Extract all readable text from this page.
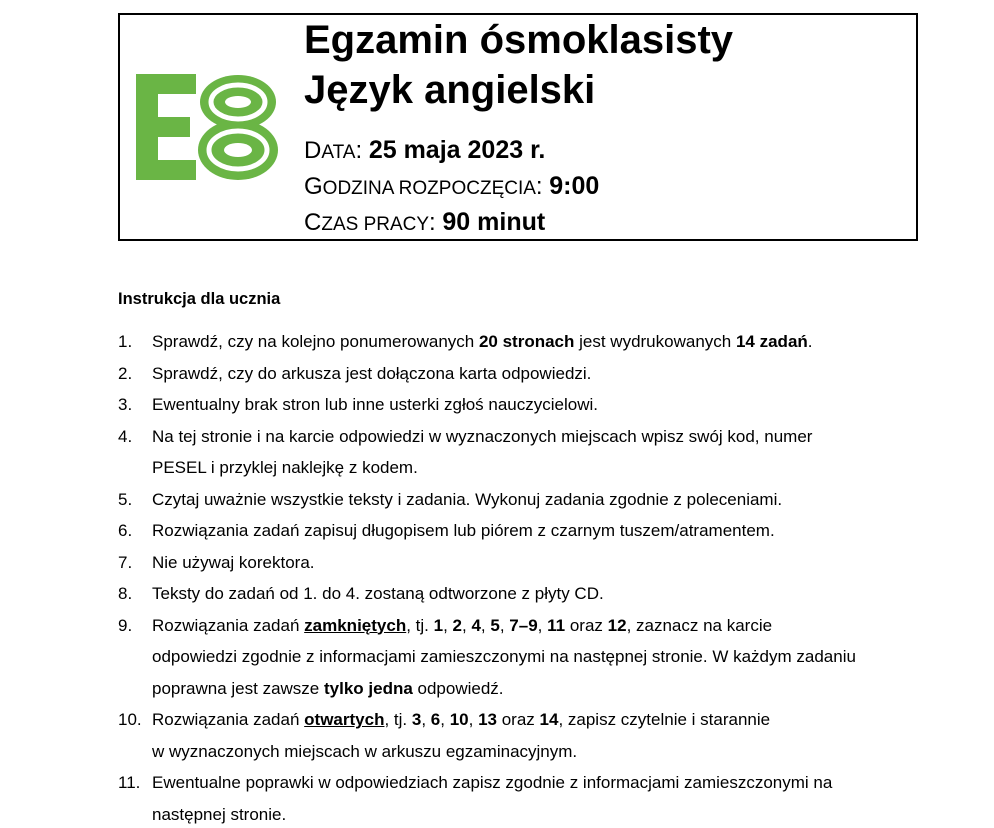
Egzamin ósmoklasisty
Język angielski
DATA: 25 maja 2023 r.
GODZINA ROZPOCZĘCIA: 9:00
CZAS PRACY: 90 minut
Instrukcja dla ucznia
1. Sprawdź, czy na kolejno ponumerowanych 20 stronach jest wydrukowanych 14 zadań.
2. Sprawdź, czy do arkusza jest dołączona karta odpowiedzi.
3. Ewentualny brak stron lub inne usterki zgłoś nauczycielowi.
4. Na tej stronie i na karcie odpowiedzi w wyznaczonych miejscach wpisz swój kod, numer
PESEL i przyklej naklejkę z kodem.
5. Czytaj uważnie wszystkie teksty i zadania. Wykonuj zadania zgodnie z poleceniami.
6. Rozwiązania zadań zapisuj długopisem lub piórem z czarnym tuszem/atramentem.
7. Nie używaj korektora.
8. Teksty do zadań od 1. do 4. zostaną odtworzone z płyty CD.
9. Rozwiązania zadań zamkniętych, tj. 1, 2, 4, 5, 7–9, 11 oraz 12, zaznacz na karcie
odpowiedzi zgodnie z informacjami zamieszczonymi na następnej stronie. W każdym zadaniu
poprawna jest zawsze tylko jedna odpowiedź.
10. Rozwiązania zadań otwartych, tj. 3, 6, 10, 13 oraz 14, zapisz czytelnie i starannie
w wyznaczonych miejscach w arkuszu egzaminacyjnym.
11. Ewentualne poprawki w odpowiedziach zapisz zgodnie z informacjami zamieszczonymi na
następnej stronie.
